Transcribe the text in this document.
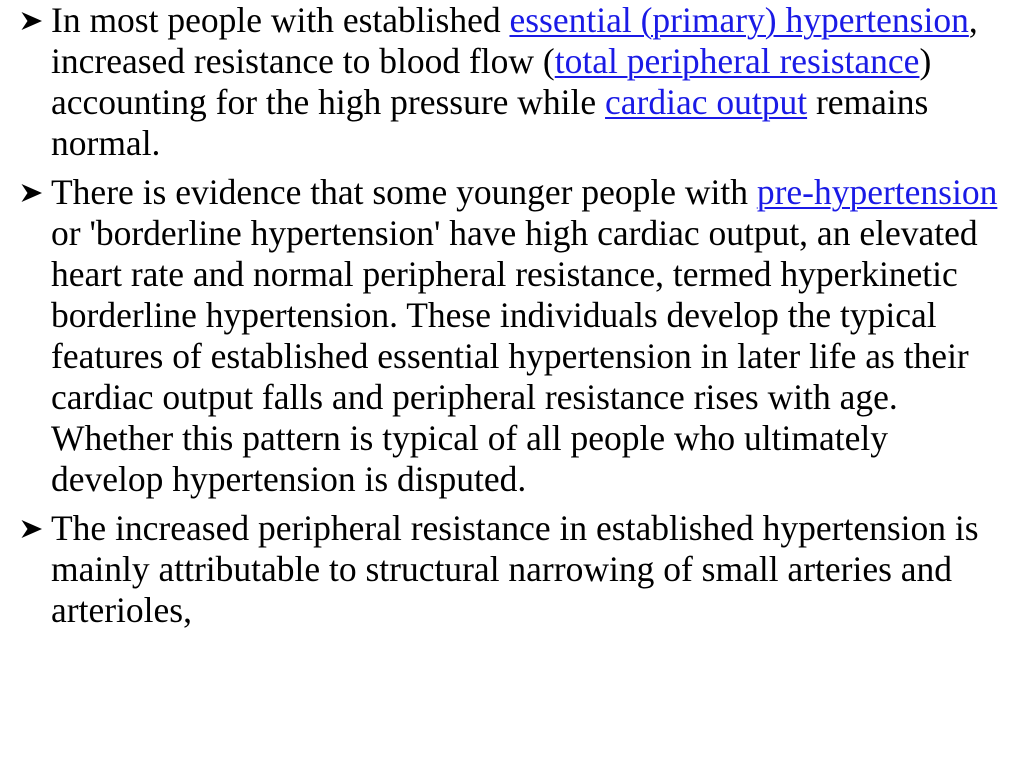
In most people with established essential (primary) hypertension, increased resistance to blood flow (total peripheral resistance) accounting for the high pressure while cardiac output remains normal.

There is evidence that some younger people with pre-hypertension or 'borderline hypertension' have high cardiac output, an elevated heart rate and normal peripheral resistance, termed hyperkinetic borderline hypertension. These individuals develop the typical features of established essential hypertension in later life as their cardiac output falls and peripheral resistance rises with age. Whether this pattern is typical of all people who ultimately develop hypertension is disputed.

The increased peripheral resistance in established hypertension is mainly attributable to structural narrowing of small arteries and arterioles,
